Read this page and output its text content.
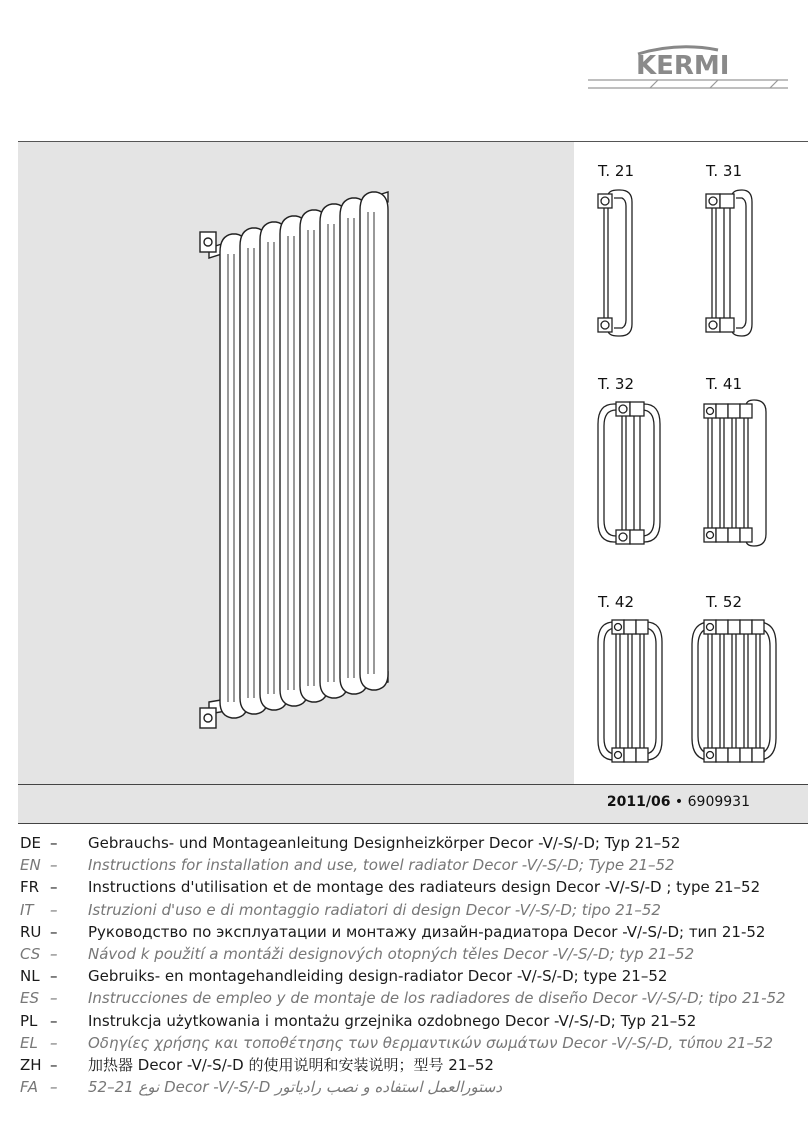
KERMI
T. 21	T. 31
T. 32	T. 41
T. 42	T. 52
2011/06 • 6909931
DE –	Gebrauchs- und Montageanleitung Designheizkörper Decor -V/-S/-D; Typ 21–52
EN –	Instructions for installation and use, towel radiator Decor -V/-S/-D; Type 21–52
FR –	Instructions d'utilisation et de montage des radiateurs design Decor -V/-S/-D ; type 21–52
IT	–	Istruzioni d'uso e di montaggio radiatori di design Decor -V/-S/-D; tipo 21–52
RU –	Руководство по эксплуатации и монтажу дизайн-радиатора Decor -V/-S/-D; тип 21-52
CS –	Návod k použití a montáži designových otopných těles Decor -V/-S/-D; typ 21–52
NL –	Gebruiks- en montagehandleiding design-radiator Decor -V/-S/-D; type 21–52
ES –	Instrucciones de empleo y de montaje de los radiadores de diseño Decor -V/-S/-D; tipo 21-52
PL –	Instrukcja użytkowania i montażu grzejnika ozdobnego Decor -V/-S/-D; Typ 21–52
EL –	Οδηγίες χρήσης και τοποθέτησης των θερμαντικών σωμάτων Decor -V/-S/-D, τύπου 21–52
ZH –	加热器 Decor -V/-S/-D 的使用说明和安装说明；型号 21–52
FA –	دستورالعمل استفاده و نصب رادیاتور Decor -V/-S/-D نوع 21–52
